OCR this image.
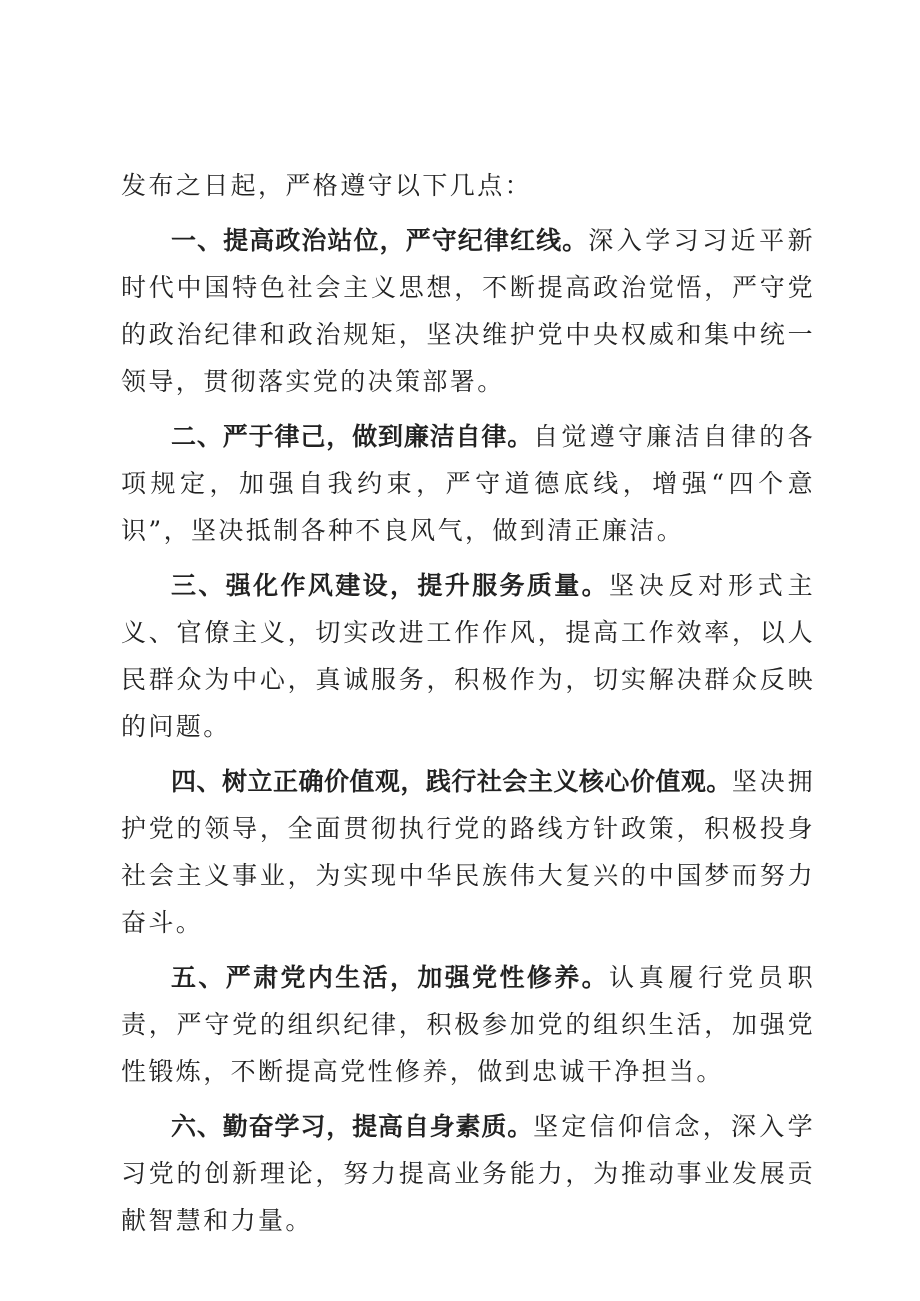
发布之日起，严格遵守以下几点：

一、提高政治站位，严守纪律红线。深入学习习近平新时代中国特色社会主义思想，不断提高政治觉悟，严守党的政治纪律和政治规矩，坚决维护党中央权威和集中统一领导，贯彻落实党的决策部署。

二、严于律己，做到廉洁自律。自觉遵守廉洁自律的各项规定，加强自我约束，严守道德底线，增强“四个意识”，坚决抵制各种不良风气，做到清正廉洁。

三、强化作风建设，提升服务质量。坚决反对形式主义、官僚主义，切实改进工作作风，提高工作效率，以人民群众为中心，真诚服务，积极作为，切实解决群众反映的问题。

四、树立正确价值观，践行社会主义核心价值观。坚决拥护党的领导，全面贯彻执行党的路线方针政策，积极投身社会主义事业，为实现中华民族伟大复兴的中国梦而努力奋斗。

五、严肃党内生活，加强党性修养。认真履行党员职责，严守党的组织纪律，积极参加党的组织生活，加强党性锻炼，不断提高党性修养，做到忠诚干净担当。

六、勤奋学习，提高自身素质。坚定信仰信念，深入学习党的创新理论，努力提高业务能力，为推动事业发展贡献智慧和力量。
